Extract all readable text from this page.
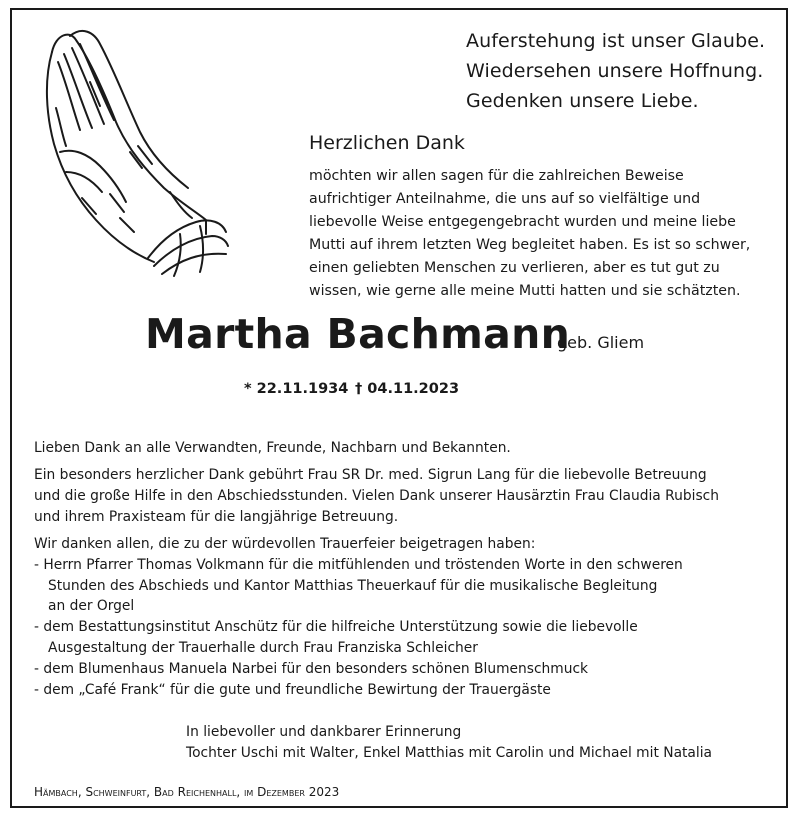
Auferstehung ist unser Glaube.
Wiedersehen unsere Hoffnung.
Gedenken unsere Liebe.
Herzlichen Dank
möchten wir allen sagen für die zahlreichen Beweise
aufrichtiger Anteilnahme, die uns auf so vielfältige und
liebevolle Weise entgegengebracht wurden und meine liebe
Mutti auf ihrem letzten Weg begleitet haben. Es ist so schwer,
einen geliebten Menschen zu verlieren, aber es tut gut zu
wissen, wie gerne alle meine Mutti hatten und sie schätzten.
Martha Bachmann
geb. Gliem
* 22.11.1934 † 04.11.2023
Lieben Dank an alle Verwandten, Freunde, Nachbarn und Bekannten.
Ein besonders herzlicher Dank gebührt Frau SR Dr. med. Sigrun Lang für die liebevolle Betreuung
und die große Hilfe in den Abschiedsstunden. Vielen Dank unserer Hausärztin Frau Claudia Rubisch
und ihrem Praxisteam für die langjährige Betreuung.
Wir danken allen, die zu der würdevollen Trauerfeier beigetragen haben:
- Herrn Pfarrer Thomas Volkmann für die mitfühlenden und tröstenden Worte in den schweren
Stunden des Abschieds und Kantor Matthias Theuerkauf für die musikalische Begleitung
an der Orgel
- dem Bestattungsinstitut Anschütz für die hilfreiche Unterstützung sowie die liebevolle
Ausgestaltung der Trauerhalle durch Frau Franziska Schleicher
- dem Blumenhaus Manuela Narbei für den besonders schönen Blumenschmuck
- dem „Café Frank“ für die gute und freundliche Bewirtung der Trauergäste
In liebevoller und dankbarer Erinnerung
Tochter Uschi mit Walter, Enkel Matthias mit Carolin und Michael mit Natalia
Hämbach, Schweinfurt, Bad Reichenhall, im Dezember 2023
